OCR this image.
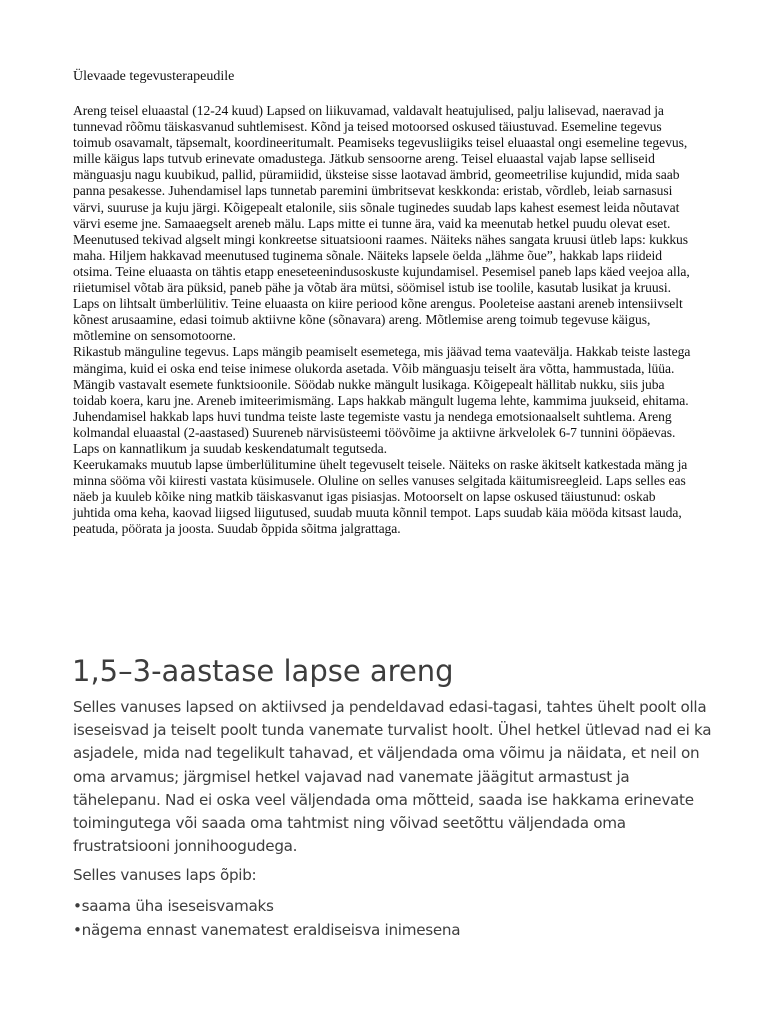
Ülevaade tegevusterapeudile

Areng teisel eluaastal (12-24 kuud) Lapsed on liikuvamad, valdavalt heatujulised, palju lalisevad, naeravad ja tunnevad rõõmu täiskasvanud suhtlemisest. Kõnd ja teised motoorsed oskused täiustuvad. Esemeline tegevus toimub osavamalt, täpsemalt, koordineeritumalt. Peamiseks tegevusliigiks teisel eluaastal ongi esemeline tegevus, mille käigus laps tutvub erinevate omadustega. Jätkub sensoorne areng. Teisel eluaastal vajab lapse selliseid mänguasju nagu kuubikud, pallid, püramiidid, üksteise sisse laotavad ämbrid, geomeetrilise kujundid, mida saab panna pesakesse. Juhendamisel laps tunnetab paremini ümbritsevat keskkonda: eristab, võrdleb, leiab sarnasusi värvi, suuruse ja kuju järgi. Kõigepealt etalonile, siis sõnale tuginedes suudab laps kahest esemest leida nõutavat värvi eseme jne. Samaaegselt areneb mälu. Laps mitte ei tunne ära, vaid ka meenutab hetkel puudu olevat eset. Meenutused tekivad algselt mingi konkreetse situatsiooni raames. Näiteks nähes sangata kruusi ütleb laps: kukkus maha. Hiljem hakkavad meenutused tuginema sõnale. Näiteks lapsele öelda „lähme õue”, hakkab laps riideid otsima. Teine eluaasta on tähtis etapp eneseteenindusoskuste kujundamisel. Pesemisel paneb laps käed veejoa alla, riietumisel võtab ära püksid, paneb pähe ja võtab ära mütsi, söömisel istub ise toolile, kasutab lusikat ja kruusi. Laps on lihtsalt ümberlülitiv. Teine eluaasta on kiire periood kõne arengus. Pooleteise aastani areneb intensiivselt kõnest arusaamine, edasi toimub aktiivne kõne (sõnavara) areng. Mõtlemise areng toimub tegevuse käigus, mõtlemine on sensomotoorne.

Rikastub mänguline tegevus. Laps mängib peamiselt esemetega, mis jäävad tema vaatevälja. Hakkab teiste lastega mängima, kuid ei oska end teise inimese olukorda asetada. Võib mänguasju teiselt ära võtta, hammustada, lüüa. Mängib vastavalt esemete funktsioonile. Söödab nukke mängult lusikaga. Kõigepealt hällitab nukku, siis juba toidab koera, karu jne. Areneb imiteerimismäng. Laps hakkab mängult lugema lehte, kammima juukseid, ehitama. Juhendamisel hakkab laps huvi tundma teiste laste tegemiste vastu ja nendega emotsionaalselt suhtlema. Areng kolmandal eluaastal (2-aastased) Suureneb närvisüsteemi töövõime ja aktiivne ärkvelolek 6-7 tunnini ööpäevas. Laps on kannatlikum ja suudab keskendatumalt tegutseda.

Keerukamaks muutub lapse ümberlülitumine ühelt tegevuselt teisele. Näiteks on raske äkitselt katkestada mäng ja minna sööma või kiiresti vastata küsimusele. Oluline on selles vanuses selgitada käitumisreegleid. Laps selles eas näeb ja kuuleb kõike ning matkib täiskasvanut igas pisiasjas. Motoorselt on lapse oskused täiustunud: oskab juhtida oma keha, kaovad liigsed liigutused, suudab muuta kõnnil tempot. Laps suudab käia mööda kitsast lauda, peatuda, pöörata ja joosta. Suudab õppida sõitma jalgrattaga.

1,5–3-aastase lapse areng

Selles vanuses lapsed on aktiivsed ja pendeldavad edasi-tagasi, tahtes ühelt poolt olla iseseisvad ja teiselt poolt tunda vanemate turvalist hoolt. Ühel hetkel ütlevad nad ei ka asjadele, mida nad tegelikult tahavad, et väljendada oma võimu ja näidata, et neil on oma arvamus; järgmisel hetkel vajavad nad vanemate jäägitut armastust ja tähelepanu. Nad ei oska veel väljendada oma mõtteid, saada ise hakkama erinevate toimingutega või saada oma tahtmist ning võivad seetõttu väljendada oma frustratsiooni jonnihoogudega.

Selles vanuses laps õpib:

•saama üha iseseisvamaks
•nägema ennast vanematest eraldiseisva inimesena
